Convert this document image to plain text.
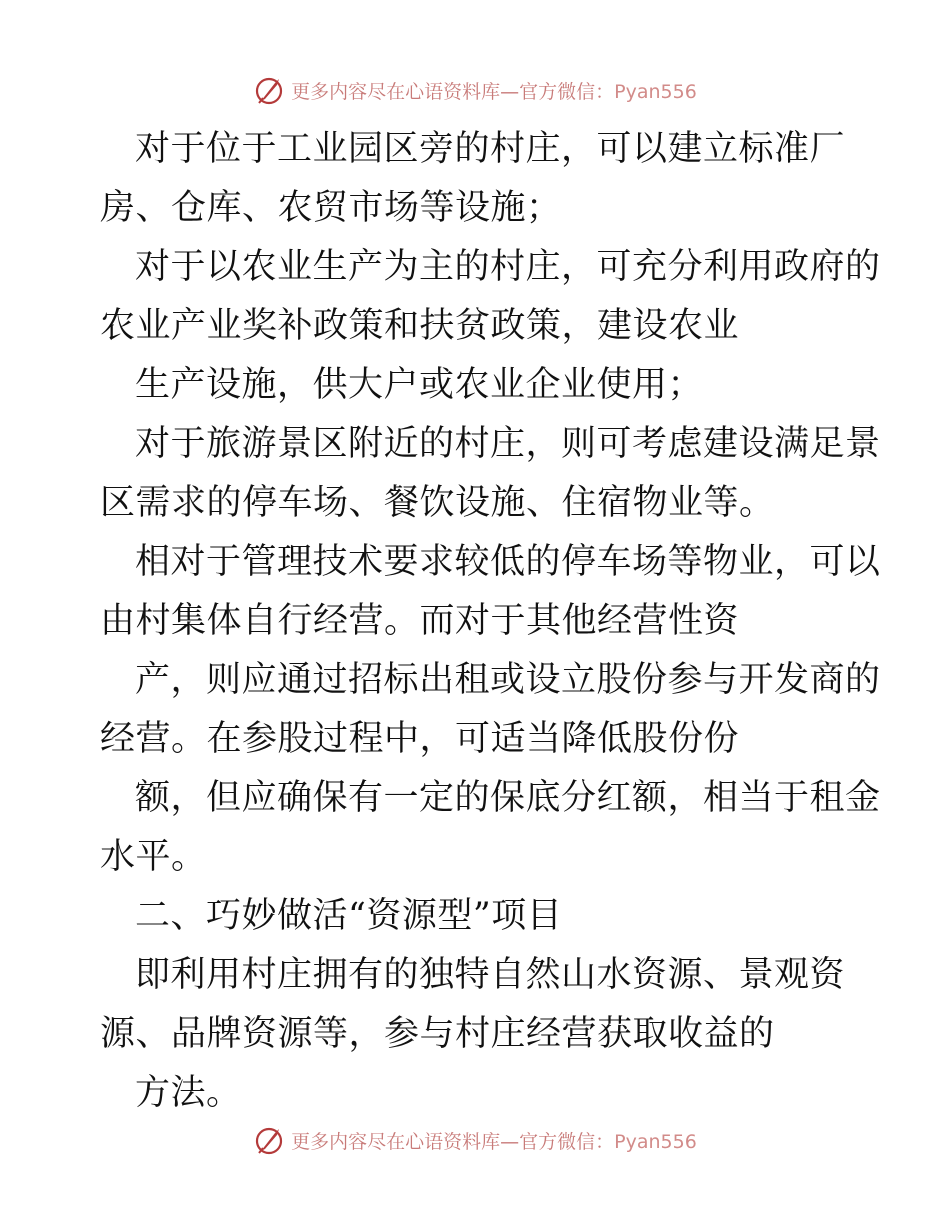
更多内容尽在心语资料库—官方微信：Pyan556
对于位于工业园区旁的村庄，可以建立标准厂
房、仓库、农贸市场等设施；
对于以农业生产为主的村庄，可充分利用政府的
农业产业奖补政策和扶贫政策，建设农业
生产设施，供大户或农业企业使用；
对于旅游景区附近的村庄，则可考虑建设满足景
区需求的停车场、餐饮设施、住宿物业等。
相对于管理技术要求较低的停车场等物业，可以
由村集体自行经营。而对于其他经营性资
产，则应通过招标出租或设立股份参与开发商的
经营。在参股过程中，可适当降低股份份
额，但应确保有一定的保底分红额，相当于租金
水平。
二、巧妙做活“资源型”项目
即利用村庄拥有的独特自然山水资源、景观资
源、品牌资源等，参与村庄经营获取收益的
方法。
更多内容尽在心语资料库—官方微信：Pyan556
